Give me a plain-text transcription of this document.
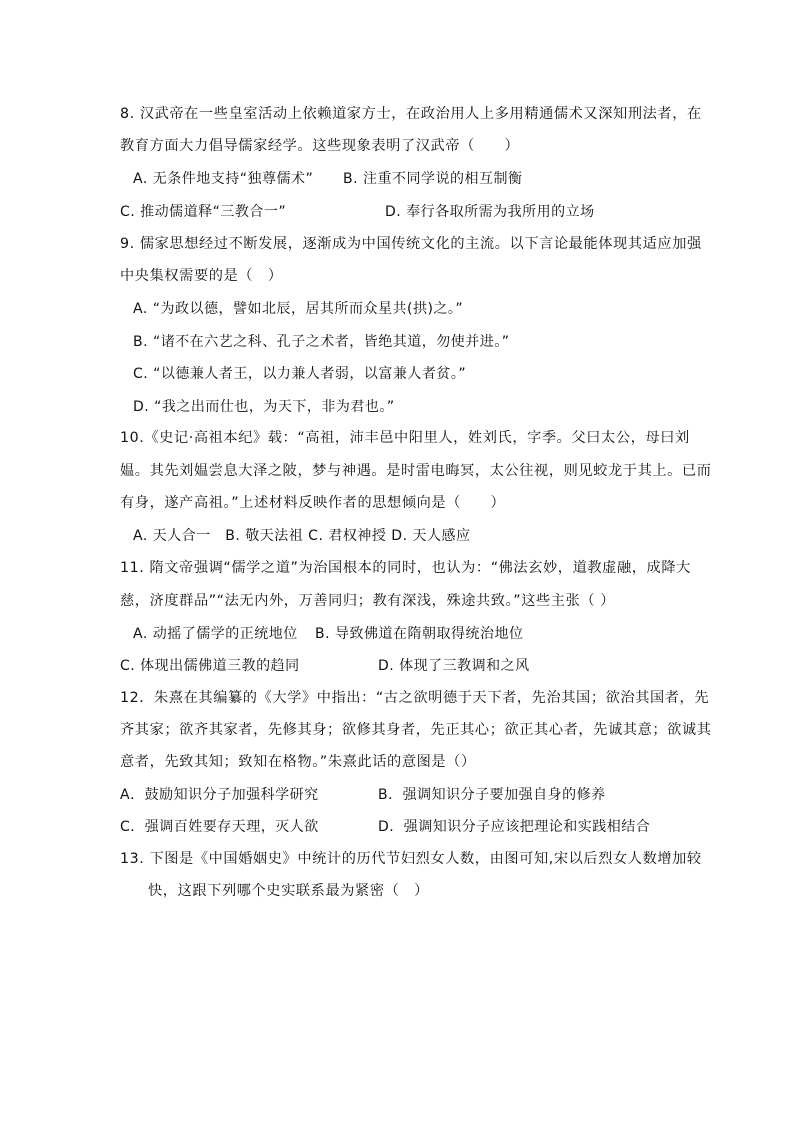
8. 汉武帝在一些皇室活动上依赖道家方士，在政治用人上多用精通儒术又深知刑法者，在
教育方面大力倡导儒家经学。这些现象表明了汉武帝（　　）
A. 无条件地支持“独尊儒术” B. 注重不同学说的相互制衡
C. 推动儒道释“三教合一”	D. 奉行各取所需为我所用的立场
9. 儒家思想经过不断发展，逐渐成为中国传统文化的主流。以下言论最能体现其适应加强
中央集权需要的是（　）
A. “为政以德，譬如北辰，居其所而众星共(拱)之。”
B. “诸不在六艺之科、孔子之术者，皆绝其道，勿使并进。”
C. “以德兼人者王，以力兼人者弱，以富兼人者贫。”
D. “我之出而仕也，为天下，非为君也。”
10.《史记·高祖本纪》载：“高祖，沛丰邑中阳里人，姓刘氏，字季。父曰太公，母曰刘
媪。其先刘媪尝息大泽之陂，梦与神遇。是时雷电晦冥，太公往视，则见蛟龙于其上。已而
有身，遂产高祖。”上述材料反映作者的思想倾向是（　　）
A. 天人合一　B. 敬天法祖 C. 君权神授 D. 天人感应
11. 隋文帝强调“儒学之道”为治国根本的同时，也认为：“佛法玄妙，道教虚融，成降大
慈，济度群品”“法无内外，万善同归；教有深浅，殊途共致。”这些主张（ ）
A. 动摇了儒学的正统地位 B. 导致佛道在隋朝取得统治地位
C. 体现出儒佛道三教的趋同	D. 体现了三教调和之风
12．朱熹在其编纂的《大学》中指出：“古之欲明德于天下者，先治其国；欲治其国者，先
齐其家；欲齐其家者，先修其身；欲修其身者，先正其心；欲正其心者，先诚其意；欲诚其
意者，先致其知；致知在格物。”朱熹此话的意图是（）
A．鼓励知识分子加强科学研究	B．强调知识分子要加强自身的修养
C．强调百姓要存天理，灭人欲	D．强调知识分子应该把理论和实践相结合
13. 下图是《中国婚姻史》中统计的历代节妇烈女人数，由图可知,宋以后烈女人数增加较
快，这跟下列哪个史实联系最为紧密（　）
